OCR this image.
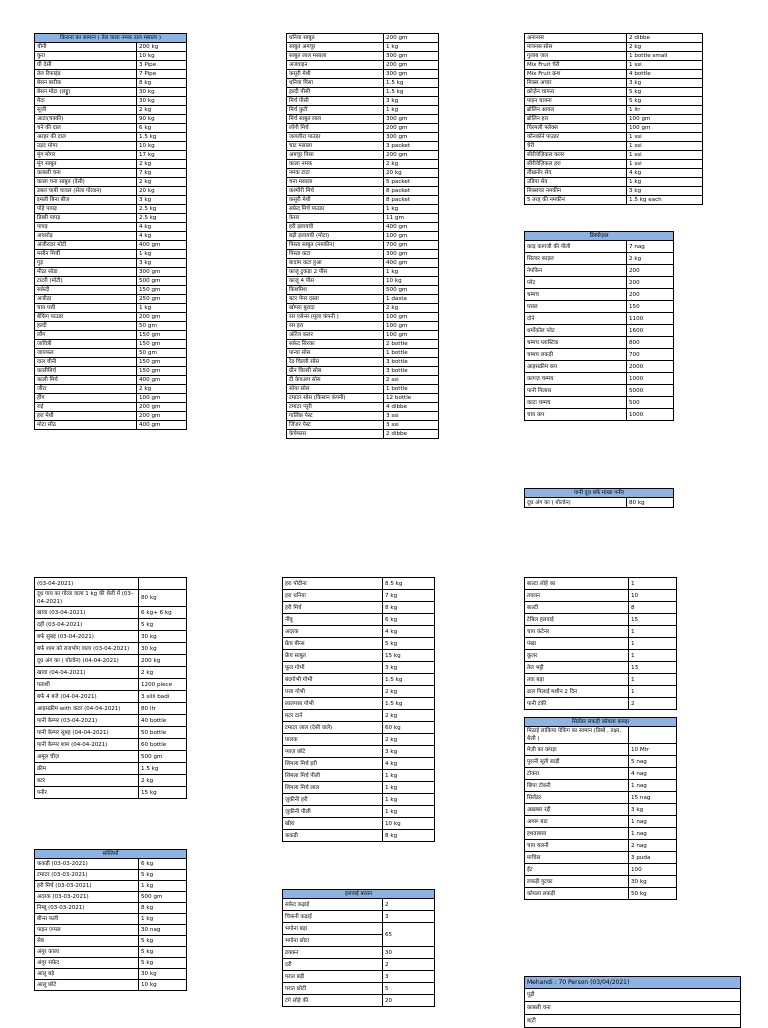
किराना का सामान ( तेल वाला नमक दाल मसाला )	
चीनी	200 kg
कुरा	10 kg
घी देसी	3 Pipe
तेल रिफाइंड	7 Pipe
बेसन बारीक	8 kg
बेसन मोटा (लड्डू)	30 kg
मैदा	30 kg
सूजी	2 kg
आटा(चक्की)	90 kg
चने की दाल	6 kg
अरहर की दाल	1.5 kg
उड़द मोगर	10 kg
मूंग मोगर	17 kg
मूंग साबुत	2 kg
काबली चना	7 kg
काला चना साबुत (देसी)	2 kg
डबल चाबी चावल (सेला गोल्डन)	20 kg
इमली बिना बीज	3 kg
पोहे पापड़	2.5 kg
डिब्बी पापड़	2.5 kg
पापड़	4 kg
अचारोड़	4 kg
अंजीरदार मोटी	400 gm
मसीन मिर्ची	1 kg
गुड़	3 kg
मीठा सोडा	300 gm
टाटरी (मोटी)	500 gm
सफ़ेदी	150 gm
अजीठा	250 gm
चाय पत्ती	1 kg
बेकिंग पाउडर	200 gm
हल्दी	50 gm
लौंग	150 gm
जावित्री	150 gm
जायफल	50 gm
दाल चीनी	150 gm
कालीमिर्च	150 gm
काली मिर्च	400 gm
जीरा	2 kg
हींग	100 gm
राई	200 gm
हरा मेथी	200 gm
मोटा सौंठ	400 gm
धनिया साबुत	200 gm
साबुत अमचूर	1 kg
साबुत लाल मसाला	300 gm
अजवाइन	200 gm
कसूरी मेथी	300 gm
धनिया पिसा	1.5 kg
हल्दी पीसी	1.5 kg
मिर्च पीसी	3 kg
मिर्च कुटी	1 kg
मिर्च साबुत लाल	300 gm
लोंगी मिर्च	200 gm
जलजीरा पाउडर	300 gm
चाट मसाला	3 packet
अमचूर पिसा	200 gm
काला नमक	2 kg
नमक टाटा	20 kg
चना मसाला	5 packet
कश्मीरी मिर्च	8 packet
कसूरी मेथी	8 packet
सफ़ेद मिर्च पाउडर	1 kg
केसर	11 gm
हरी इलायची	400 gm
बड़ी इलायची (मोटा)	100 gm
पिस्ता साबुत (नमकीन)	700 gm
पिस्ता कटा	300 gm
बादाम कटा हुआ	400 gm
काजू टुकड़ा 2 पीस	1 kg
काजू 4 पीस	10 kg
किशमिश	500 gm
बटर पेपर दस्ता	1 dasta
खोपरा बुरादा	2 kg
रस एसेन्स (मूला कंपनी )	100 gm
रस हरा	100 gm
ऑरेंज कलर	100 gm
सफ़ेद सिरका	2 bottle
पान्या सोस	1 bottle
रेड चिल्ली सोस	3 bottle
ग्रीन चिल्ली सोस	3 bottle
टी केचअप सोस	2 ssi
सोया सोस	1 bottle
टमाटर सोस (किसान कंपनी)	12 bottle
टमाटर प्यूरी	4 dibbe
गार्लिक पेस्ट	3 ssi
जिंजर पेस्ट	3 ssi
केचेफास	2 dibbe
अनानास	2 dibbe
मायनस सोस	2 kg
गुलाब जल	1 bottle small
Mix Fruit चेरी	1 ssi
Mix Fruit क्रश	4 bottle
मिक्स अचार	3 kg
क्रोज़ेन चायना	5 kg
पाइन चायना	5 kg
ब्रोलिन आयल	1 ltr
ब्रोलिन हरा	100 gm
चिरमली फ्लेक्स	100 gm
कौनकॉर्न पाउडर	1 ssi
चेरी	1 ssi
सीरीवेज़िकल कलर	1 ssi
सीरीवेज़िकल हरा	1 ssi
तीखनोर सेव	4 kg
उडिपा सेव	1 kg
मिक्सचर नमकीन	3 kg
5 तरह की नमकीन	1.5 kg each
डिस्पोज़ल	
काड़ कागजी की पीली	7 nag
सिल्वर फाइल	2 kg
नेपकिन	200
प्लेट	200
चम्मच	200
पत्तल	150
दोने	1100
थर्मोकोल प्लेट	1600
चम्मच प्लास्टिक	800
चम्मच लकड़ी	700
आइसक्रीम कप	2000
कागज़ चम्मच	1000
पानी गिलास	5000
काटा चम्मच	500
चाय कप	1000
पानी दूध बर्फ माखा पनीर
दूध अंग का ( ग़ोल्डेन)	80 kg
(03-04-2021)	
दूध गाय का गोल्ड वाला 1 kg की थैली में (03-04-2021)	80 kg
खावा (03-04-2021)	6 kg+ 6 kg
दही (03-04-2021)	5 kg
बर्फ सुबह (03-04-2021)	30 kg
बर्फ शाम को राजभोग वाला (03-04-2021)	30 kg
दूध अंग का ( ग़ोल्डेन) (04-04-2021)	200 kg
खावा (04-04-2021)	2 kg
पताशी	1200 piece
बर्फ 4 बजे (04-04-2021)	3 silli badi
आइसक्रीम with कटर (04-04-2021)	80 ltr
पानी केम्पर (03-04-2021)	40 bottle
पानी केम्पर सुबह (04-04-2021)	50 bottle
पानी केम्पर शाम (04-04-2021)	60 bottle
अमूल चीज़	500 gm
क्रीम	1.5 kg
बटर	2 kg
पनीर	15 kg
सब्जियाँ	
ककड़ी (03-03-2021)	6 kg
टमाटर (03-03-2021)	5 kg
हरी मिर्च (03-03-2021)	1 kg
अदरक (03-03-2021)	500 gm
निम्बू (03-03-2021)	8 kg
बीन्स फली	1 kg
पाइन एप्पल	30 nag
सेब	5 kg
अंगूर काला	5 kg
अंगूर सफ़ेद	5 kg
आलू बड़े	30 kg
आलू छोटे	10 kg
हरा पोदीना	8.5 kg
हरा धनिया	7 kg
हरी मिर्च	8 kg
नींबू	6 kg
अदरक	4 kg
फ्रेंच बीन्स	5 kg
फ्रेंच साबुत	15 kg
फूल गोभी	3 kg
बंदगोभी गोभी	1.5 kg
पत्ता गोभी	2 kg
लालपत्ता गोभी	1.5 kg
मटर दाने	2 kg
टमाटर लाल (देसी वाले)	60 kg
पालक	2 kg
प्याज़ छोटे	3 kg
शिमला मिर्च हरी	4 kg
शिमला मिर्च पीली	1 kg
शिमला मिर्च लाल	1 kg
ज़ुकीनी हरी	1 kg
ज़ुकीनी पीली	1 kg
खीरा	10 kg
ककड़ी	8 kg
हलवाई बरतन	
सफ़ेद कढ़ाई	2
चिकनी कढ़ाई	3
भगोना बड़ा	65
भगोना छोटा	
डक्कन	30
दरी	2
परात बड़ी	3
परात छोटी	5
टंगे लोहे की	20
बाल्टा लोहे का	1
तवलन	10
बाल्टी	8
टेबिल हलवाई	15
चाय कंटेनर	1
पंखा	1
कूलर	1
तेल भट्टी	13
तवा बड़ा	1
ढाल पिलाई मशीन 2 दिन	1
पानी टंकी	2
सिलेंडर लकड़ी कोयला कपड़ा	
मिठाई लाकिया पेकिंग का सामान (डिब्बे , तक्ष्य, थैली )	
मेज़ी का कपड़ा	10 Mtr
पुरानी सूती साड़ी	5 nag
टोकरा	4 nag
छिपा टोकरी	1 nag
सिलेंडर	15 nag
अख़बार रद्दी	3 kg
अगरू बाट	1 nag
हथवाबत्ता	1 nag
चाय चलनी	2 nag
माचिस	3 puda
ईंट	100
लकड़ी गुटका	30 kg
कोयला लकड़ी	50 kg
Mehandi : 70 Person (03/04/2021)
पूड़ी
काबली चना
बा्टी
